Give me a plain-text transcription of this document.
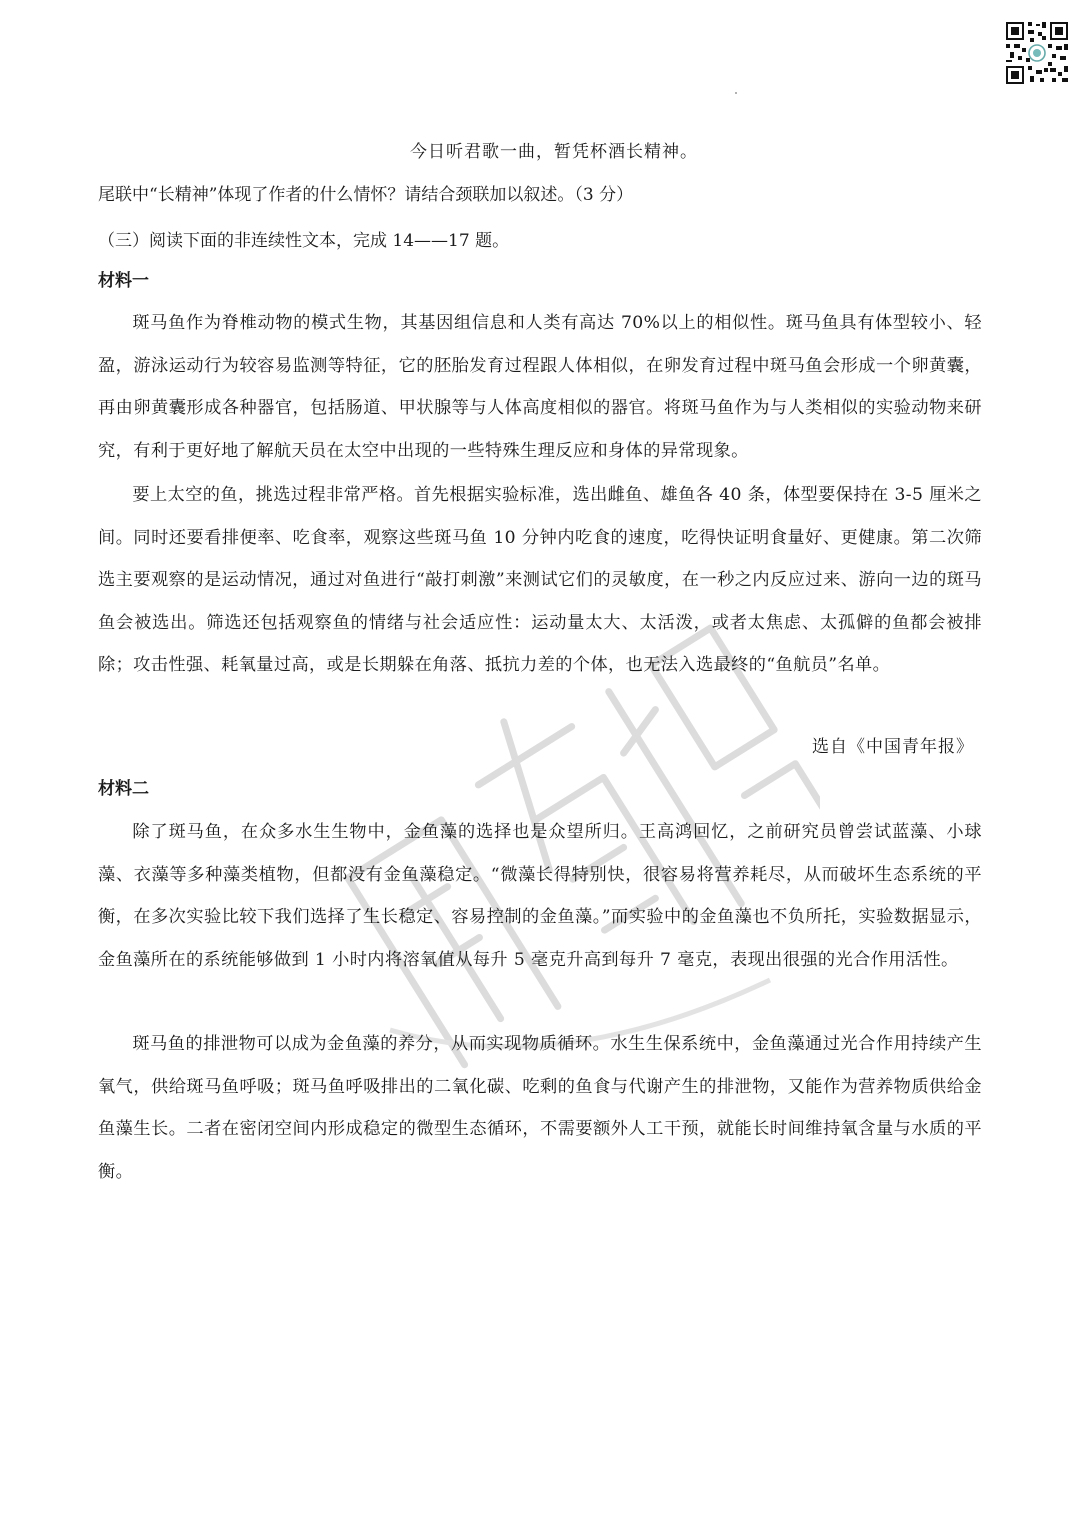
今日听君歌一曲，暂凭杯酒长精神。
尾联中“长精神”体现了作者的什么情怀？请结合颈联加以叙述。（3 分）
（三）阅读下面的非连续性文本，完成 14——17 题。
材料一
斑马鱼作为脊椎动物的模式生物，其基因组信息和人类有高达 70%以上的相似性。斑马鱼具有体型较小、轻盈，游泳运动行为较容易监测等特征，它的胚胎发育过程跟人体相似，在卵发育过程中斑马鱼会形成一个卵黄囊，再由卵黄囊形成各种器官，包括肠道、甲状腺等与人体高度相似的器官。将斑马鱼作为与人类相似的实验动物来研究，有利于更好地了解航天员在太空中出现的一些特殊生理反应和身体的异常现象。
要上太空的鱼，挑选过程非常严格。首先根据实验标准，选出雌鱼、雄鱼各 40 条，体型要保持在 3-5 厘米之间。同时还要看排便率、吃食率，观察这些斑马鱼 10 分钟内吃食的速度，吃得快证明食量好、更健康。第二次筛选主要观察的是运动情况，通过对鱼进行“敲打刺激”来测试它们的灵敏度，在一秒之内反应过来、游向一边的斑马鱼会被选出。筛选还包括观察鱼的情绪与社会适应性：运动量太大、太活泼，或者太焦虑、太孤僻的鱼都会被排除；攻击性强、耗氧量过高，或是长期躲在角落、抵抗力差的个体，也无法入选最终的“鱼航员”名单。
选自《中国青年报》
材料二
除了斑马鱼，在众多水生生物中，金鱼藻的选择也是众望所归。王高鸿回忆，之前研究员曾尝试蓝藻、小球藻、衣藻等多种藻类植物，但都没有金鱼藻稳定。“微藻长得特别快，很容易将营养耗尽，从而破坏生态系统的平衡，在多次实验比较下我们选择了生长稳定、容易控制的金鱼藻。”而实验中的金鱼藻也不负所托，实验数据显示，金鱼藻所在的系统能够做到 1 小时内将溶氧值从每升 5 毫克升高到每升 7 毫克，表现出很强的光合作用活性。
斑马鱼的排泄物可以成为金鱼藻的养分，从而实现物质循环。水生生保系统中，金鱼藻通过光合作用持续产生氧气，供给斑马鱼呼吸；斑马鱼呼吸排出的二氧化碳、吃剩的鱼食与代谢产生的排泄物，又能作为营养物质供给金鱼藻生长。二者在密闭空间内形成稳定的微型生态循环，不需要额外人工干预，就能长时间维持氧含量与水质的平衡。
